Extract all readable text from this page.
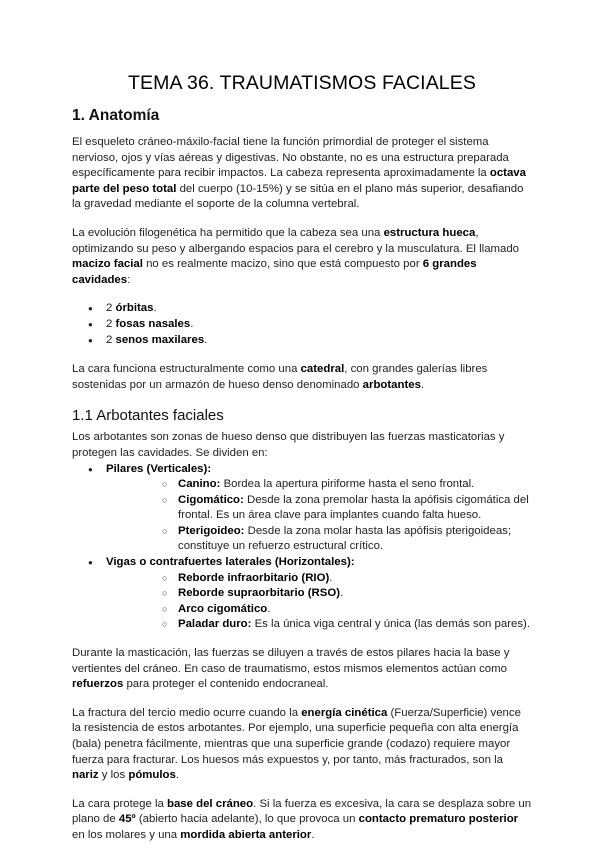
TEMA 36. TRAUMATISMOS FACIALES
1. Anatomía

El esqueleto cráneo-máxilo-facial tiene la función primordial de proteger el sistema nervioso, ojos y vías aéreas y digestivas. No obstante, no es una estructura preparada específicamente para recibir impactos. La cabeza representa aproximadamente la octava parte del peso total del cuerpo (10-15%) y se sitúa en el plano más superior, desafiando la gravedad mediante el soporte de la columna vertebral.

La evolución filogenética ha permitido que la cabeza sea una estructura hueca, optimizando su peso y albergando espacios para el cerebro y la musculatura. El llamado macizo facial no es realmente macizo, sino que está compuesto por 6 grandes cavidades:

● 2 órbitas.
● 2 fosas nasales.
● 2 senos maxilares.

La cara funciona estructuralmente como una catedral, con grandes galerías libres sostenidas por un armazón de hueso denso denominado arbotantes.

1.1 Arbotantes faciales

Los arbotantes son zonas de hueso denso que distribuyen las fuerzas masticatorias y protegen las cavidades. Se dividen en:

● Pilares (Verticales):
○ Canino: Bordea la apertura piriforme hasta el seno frontal.
○ Cigomático: Desde la zona premolar hasta la apófisis cigomática del frontal. Es un área clave para implantes cuando falta hueso.
○ Pterigoideo: Desde la zona molar hasta las apófisis pterigoideas; constituye un refuerzo estructural crítico.
● Vigas o contrafuertes laterales (Horizontales):
○ Reborde infraorbitario (RIO).
○ Reborde supraorbitario (RSO).
○ Arco cigomático.
○ Paladar duro: Es la única viga central y única (las demás son pares).

Durante la masticación, las fuerzas se diluyen a través de estos pilares hacia la base y vertientes del cráneo. En caso de traumatismo, estos mismos elementos actúan como refuerzos para proteger el contenido endocraneal.

La fractura del tercio medio ocurre cuando la energía cinética (Fuerza/Superficie) vence la resistencia de estos arbotantes. Por ejemplo, una superficie pequeña con alta energía (bala) penetra fácilmente, mientras que una superficie grande (codazo) requiere mayor fuerza para fracturar. Los huesos más expuestos y, por tanto, más fracturados, son la nariz y los pómulos.

La cara protege la base del cráneo. Si la fuerza es excesiva, la cara se desplaza sobre un plano de 45º (abierto hacia adelante), lo que provoca un contacto prematuro posterior en los molares y una mordida abierta anterior.
